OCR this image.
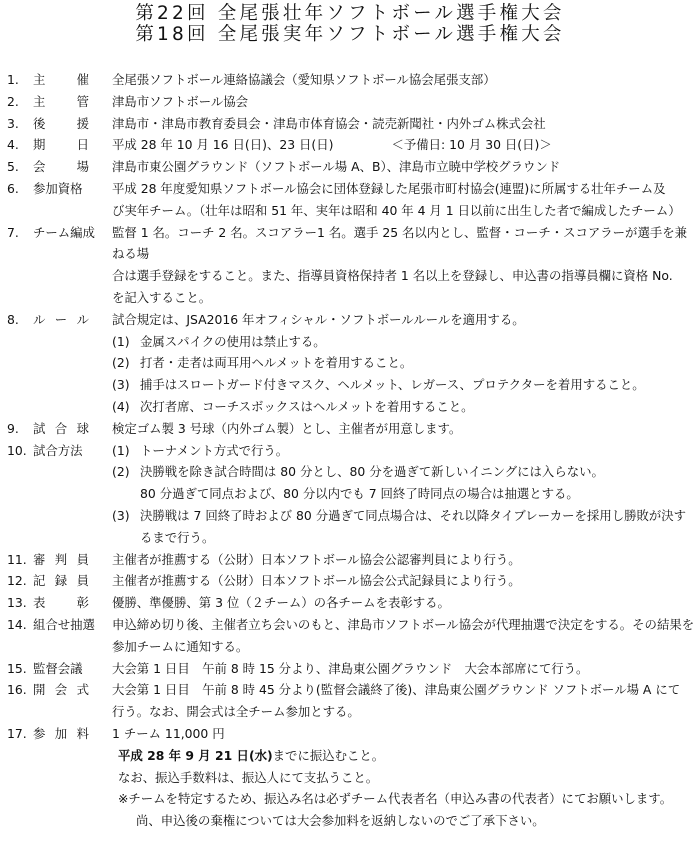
第22回 全尾張壮年ソフトボール選手権大会
第18回 全尾張実年ソフトボール選手権大会
1.	主	催 全尾張ソフトボール連絡協議会（愛知県ソフトボール協会尾張支部）
2.	主	管 津島市ソフトボール協会
3.	後	援 津島市・津島市教育委員会・津島市体育協会・読売新聞社・内外ゴム株式会社
4.	期	日 平成 28 年 10 月 16 日(日)、23 日(日)	＜予備日: 10 月 30 日(日)＞
5.	会	場 津島市東公園グラウンド（ソフトボール場 A、B）、津島市立暁中学校グラウンド
6.	参加資格	平成 28 年度愛知県ソフトボール協会に団体登録した尾張市町村協会(連盟)に所属する壮年チーム及
び実年チーム。（壮年は昭和 51 年、実年は昭和 40 年 4 月 1 日以前に出生した者で編成したチーム）
7.	チーム編成	監督 1 名。コーチ 2 名。スコアラー1 名。選手 25 名以内とし、監督・コーチ・スコアラーが選手を兼ねる場
合は選手登録をすること。また、指導員資格保持者 1 名以上を登録し、申込書の指導員欄に資格 No.
を記入すること。
8.	ル ー ル 試合規定は、JSA2016 年オフィシャル・ソフトボールルールを適用する。
(1) 金属スパイクの使用は禁止する。
(2) 打者・走者は両耳用ヘルメットを着用すること。
(3) 捕手はスロートガード付きマスク、ヘルメット、レガース、プロテクターを着用すること。
(4) 次打者席、コーチスボックスはヘルメットを着用すること。
9.	試 合 球 検定ゴム製 3 号球（内外ゴム製）とし、主催者が用意します。
10. 試合方法	(1) トーナメント方式で行う。
(2) 決勝戦を除き試合時間は 80 分とし、80 分を過ぎて新しいイニングには入らない。
80 分過ぎて同点および、80 分以内でも 7 回終了時同点の場合は抽選とする。
(3) 決勝戦は 7 回終了時および 80 分過ぎて同点場合は、それ以降タイブレーカーを採用し勝敗が決す
るまで行う。
11. 審 判 員 主催者が推薦する（公財）日本ソフトボール協会公認審判員により行う。
12. 記 録 員 主催者が推薦する（公財）日本ソフトボール協会公式記録員により行う。
13. 表	彰 優勝、準優勝、第 3 位（２チーム）の各チームを表彰する。
14. 組合せ抽選	申込締め切り後、主催者立ち会いのもと、津島市ソフトボール協会が代理抽選で決定をする。その結果を
参加チームに通知する。
15. 監督会議	大会第 1 日目　午前 8 時 15 分より、津島東公園グラウンド　大会本部席にて行う。
16. 開 会 式 大会第 1 日目　午前 8 時 45 分より(監督会議終了後)、津島東公園グラウンド ソフトボール場 A にて
行う。なお、開会式は全チーム参加とする。
17. 参 加 料 1 チーム 11,000 円
平成 28 年 9 月 21 日(水)までに振込むこと。
なお、振込手数料は、振込人にて支払うこと。
※チームを特定するため、振込み名は必ずチーム代表者名（申込み書の代表者）にてお願いします。
尚、申込後の棄権については大会参加料を返納しないのでご了承下さい。
